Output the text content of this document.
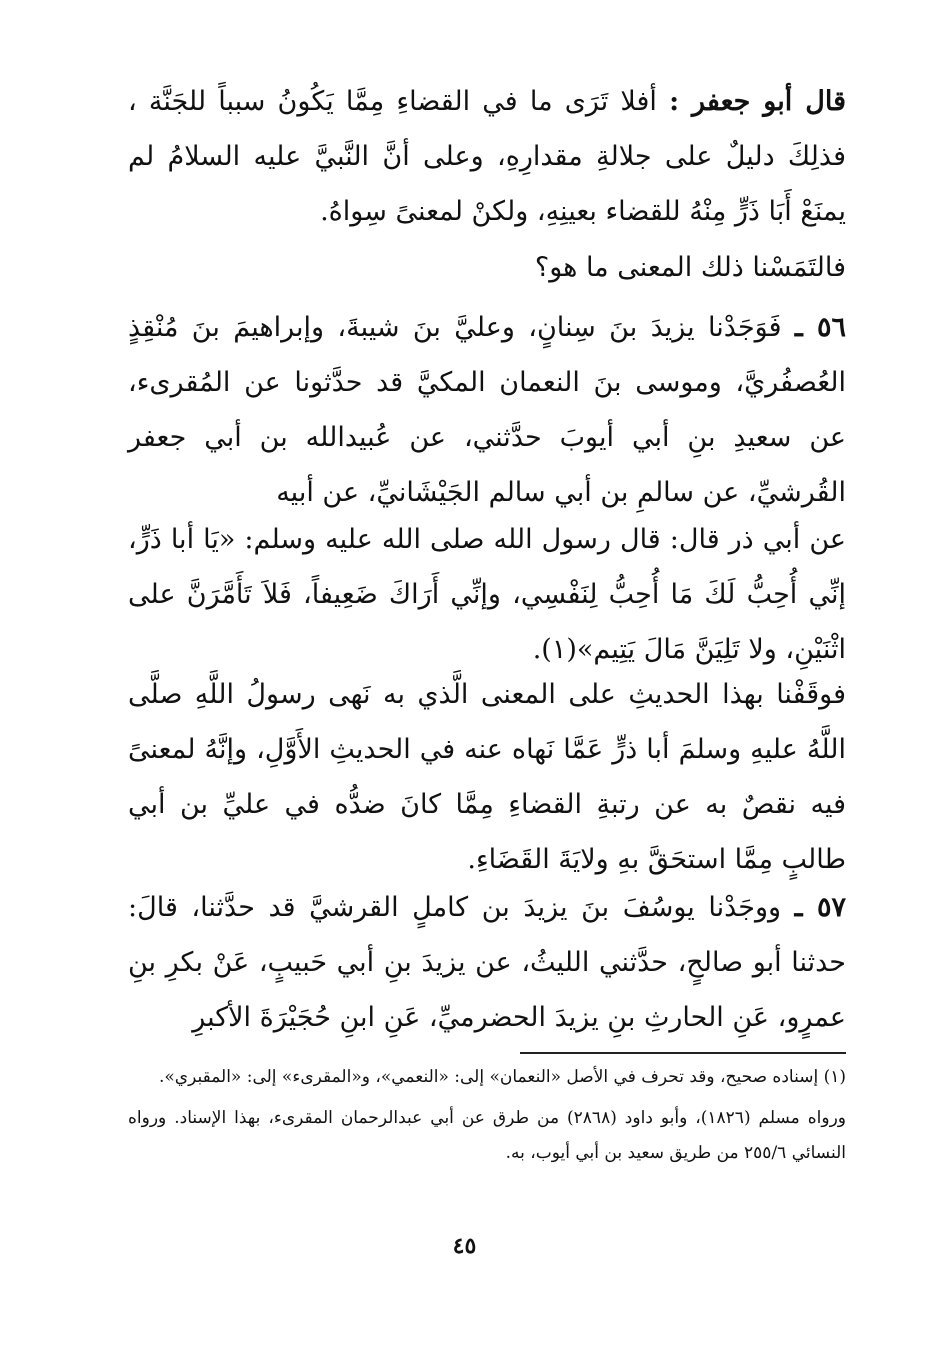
قال أبو جعفر : أفلا تَرَى ما في القضاءِ مِمَّا يَكُونُ سبباً للجَنَّة ، فذلِكَ دليلٌ على جلالةِ مقدارِهِ، وعلى أنَّ النَّبيَّ عليه السلامُ لم يمنَعْ أَبَا ذَرٍّ مِنْهُ للقضاء بعينِهِ، ولكنْ لمعنىً سِواهُ.

فالتَمَسْنا ذلك المعنى ما هو؟

٥٦ ـ فَوَجَدْنا يزيدَ بنَ سِنانٍ، وعليَّ بنَ شيبةَ، وإبراهيمَ بنَ مُنْقِذٍ العُصفُريَّ، وموسى بنَ النعمان المكيَّ قد حدَّثونا عن المُقرىء، عن سعيدِ بنِ أبي أيوبَ حدَّثني، عن عُبيدالله بن أبي جعفر القُرشيِّ، عن سالمِ بن أبي سالم الجَيْشَانيِّ، عن أبيه

عن أبي ذر قال: قال رسول الله صلى الله عليه وسلم: «يَا أبا ذَرٍّ، إنِّي أُحِبُّ لَكَ مَا أُحِبُّ لِنَفْسِي، وإنِّي أَرَاكَ ضَعِيفاً، فَلاَ تَأَمَّرَنَّ على اثْنَيْنِ، ولا تَلِيَنَّ مَالَ يَتِيم»(١).

فوقَفْنا بهذا الحديثِ على المعنى الَّذي به نَهى رسولُ اللَّهِ صلَّى اللَّهُ عليهِ وسلمَ أبا ذرٍّ عَمَّا نَهاه عنه في الحديثِ الأَوَّلِ، وإنَّهُ لمعنىً فيه نقصٌ به عن رتبةِ القضاءِ مِمَّا كانَ ضدُّه في عليِّ بن أبي طالبٍ مِمَّا استحَقَّ بهِ ولايَةَ القَضَاءِ.

٥٧ ـ ووجَدْنا يوسُفَ بنَ يزيدَ بن كاملٍ القرشيَّ قد حدَّثنا، قالَ: حدثنا أبو صالحٍ، حدَّثني الليثُ، عن يزيدَ بنِ أبي حَبيبٍ، عَنْ بكرِ بنِ عمرٍو، عَنِ الحارثِ بنِ يزيدَ الحضرميِّ، عَنِ ابنِ حُجَيْرَةَ الأكبرِ

(١) إسناده صحيح، وقد تحرف في الأصل «النعمان» إلى: «النعمي»، و«المقرىء» إلى: «المقبري».

ورواه مسلم (١٨٢٦)، وأبو داود (٢٨٦٨) من طرق عن أبي عبدالرحمان المقرىء، بهذا الإسناد. ورواه النسائي ٢٥٥/٦ من طريق سعيد بن أبي أيوب، به.

٤٥
